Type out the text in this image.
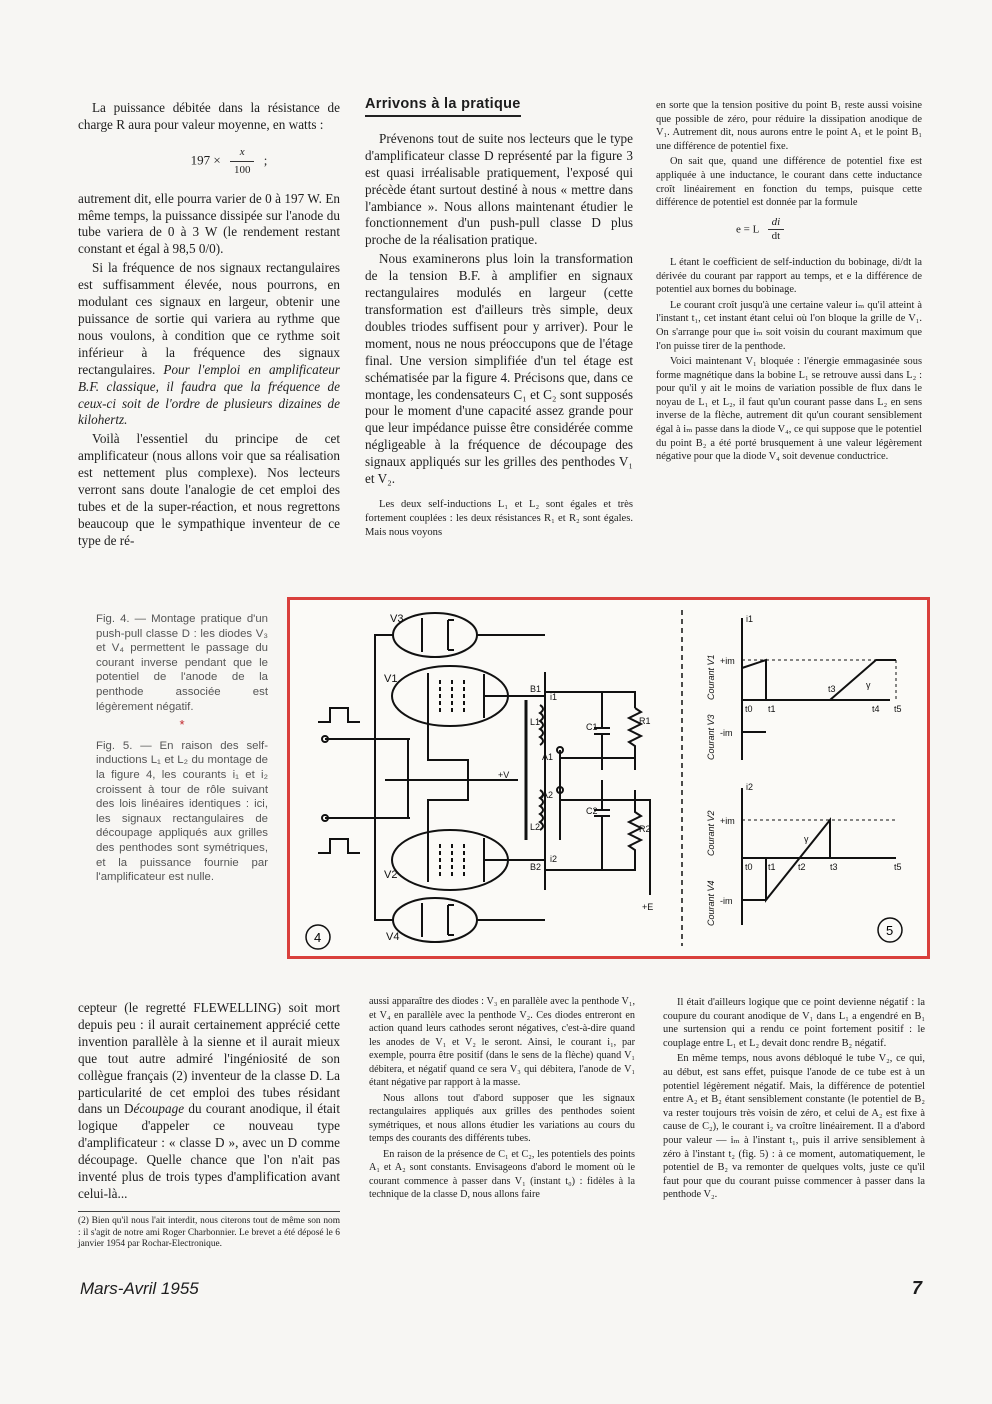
La puissance débitée dans la résistance de charge R aura pour valeur moyenne, en watts :

$197 \times \frac{x}{100}$ ;

autrement dit, elle pourra varier de 0 à 197 W. En même temps, la puissance dissipée sur l'anode du tube variera de 0 à 3 W (le rendement restant constant et égal à 98,5 0/0).

Si la fréquence de nos signaux rectangulaires est suffisamment élevée, nous pourrons, en modulant ces signaux en largeur, obtenir une puissance de sortie qui variera au rythme que nous voulons, à condition que ce rythme soit inférieur à la fréquence des signaux rectangulaires. Pour l'emploi en amplificateur B.F. classique, il faudra que la fréquence de ceux-ci soit de l'ordre de plusieurs dizaines de kilohertz.

Voilà l'essentiel du principe de cet amplificateur (nous allons voir que sa réalisation est nettement plus complexe). Nos lecteurs verront sans doute l'analogie de cet emploi des tubes et de la super-réaction, et nous regrettons beaucoup que le sympathique inventeur de ce type de ré-

Arrivons à la pratique

Prévenons tout de suite nos lecteurs que le type d'amplificateur classe D représenté par la figure 3 est quasi irréalisable pratiquement, l'exposé qui précède étant surtout destiné à nous « mettre dans l'ambiance ». Nous allons maintenant étudier le fonctionnement d'un push-pull classe D plus proche de la réalisation pratique.

Nous examinerons plus loin la transformation de la tension B.F. à amplifier en signaux rectangulaires modulés en largeur (cette transformation est d'ailleurs très simple, deux doubles triodes suffisent pour y arriver). Pour le moment, nous ne nous préoccupons que de l'étage final. Une version simplifiée d'un tel étage est schématisée par la figure 4. Précisons que, dans ce montage, les condensateurs C₁ et C₂ sont supposés pour le moment d'une capacité assez grande pour que leur impédance puisse être considérée comme négligeable à la fréquence de découpage des signaux appliqués sur les grilles des penthodes V₁ et V₂.

Les deux self-inductions L₁ et L₂ sont égales et très fortement couplées : les deux résistances R₁ et R₂ sont égales. Mais nous voyons

en sorte que la tension positive du point B₁ reste aussi voisine que possible de zéro, pour réduire la dissipation anodique de V₁. Autrement dit, nous aurons entre le point A₁ et le point B₁ une différence de potentiel fixe.

On sait que, quand une différence de potentiel fixe est appliquée à une inductance, le courant dans cette inductance croît linéairement en fonction du temps, puisque cette différence de potentiel est donnée par la formule

e = L $\frac{di}{dt}$

L étant le coefficient de self-induction du bobinage, di/dt la dérivée du courant par rapport au temps, et e la différence de potentiel aux bornes du bobinage.

Le courant croît jusqu'à une certaine valeur iₘ qu'il atteint à l'instant t₁, cet instant étant celui où l'on bloque la grille de V₁. On s'arrange pour que iₘ soit voisin du courant maximum que l'on puisse tirer de la penthode.

Voici maintenant V₁ bloquée : l'énergie emmagasinée sous forme magnétique dans la bobine L₁ se retrouve aussi dans L₂ : pour qu'il y ait le moins de variation possible de flux dans le noyau de L₁ et L₂, il faut qu'un courant passe dans L₂ en sens inverse de la flèche, autrement dit qu'un courant sensiblement égal à iₘ passe dans la diode V₄, ce qui suppose que le potentiel du point B₂ a été porté brusquement à une valeur légèrement négative pour que la diode V₄ soit devenue conductrice.

Fig. 4. — Montage pratique d'un push-pull classe D : les diodes V₃ et V₄ permettent le passage du courant inverse pendant que le potentiel de l'anode de la penthode associée est légèrement négatif.
*
Fig. 5. — En raison des self-inductions L₁ et L₂ du montage de la figure 4, les courants i₁ et i₂ croissent à tour de rôle suivant des lois linéaires identiques : ici, les signaux rectangulaires de découpage appliqués aux grilles des penthodes sont symétriques, et la puissance fournie par l'amplificateur est nulle.
V3
V1
V2
V4
B1
i1
B2
i2
L1
L2
A1
A2
C1
C2
R1
R2
+V
+E
4
i1
i2
+im
-im
+im
-im
t0 t1
t3
t4 t5
γ
t0 t1 t2	t3	t5
γ
Courant V1
Courant V3
Courant V2
Courant V4
5

cepteur (le regretté FLEWELLING) soit mort depuis peu : il aurait certainement apprécié cette invention parallèle à la sienne et il aurait mieux que tout autre admiré l'ingéniosité de son collègue français (2) inventeur de la classe D. La particularité de cet emploi des tubes résidant dans un Découpage du courant anodique, il était logique d'appeler ce nouveau type d'amplificateur : « classe D », avec un D comme découpage. Quelle chance que l'on n'ait pas inventé plus de trois types d'amplification avant celui-là...

(2) Bien qu'il nous l'ait interdit, nous citerons tout de même son nom : il s'agit de notre ami Roger Charbonnier. Le brevet a été déposé le 6 janvier 1954 par Rochar-Electronique.

aussi apparaître des diodes : V₃ en parallèle avec la penthode V₁, et V₄ en parallèle avec la penthode V₂. Ces diodes entreront en action quand leurs cathodes seront négatives, c'est-à-dire quand les anodes de V₁ et V₂ le seront. Ainsi, le courant i₁, par exemple, pourra être positif (dans le sens de la flèche) quand V₁ débitera, et négatif quand ce sera V₃ qui débitera, l'anode de V₁ étant négative par rapport à la masse.

Nous allons tout d'abord supposer que les signaux rectangulaires appliqués aux grilles des penthodes soient symétriques, et nous allons étudier les variations au cours du temps des courants des différents tubes.

En raison de la présence de C₁ et C₂, les potentiels des points A₁ et A₂ sont constants. Envisageons d'abord le moment où le courant commence à passer dans V₁ (instant t₀) : fidèles à la technique de la classe D, nous allons faire

Il était d'ailleurs logique que ce point devienne négatif : la coupure du courant anodique de V₁ dans L₁ a engendré en B₁ une surtension qui a rendu ce point fortement positif : le couplage entre L₁ et L₂ devait donc rendre B₂ négatif.

En même temps, nous avons débloqué le tube V₂, ce qui, au début, est sans effet, puisque l'anode de ce tube est à un potentiel légèrement négatif. Mais, la différence de potentiel entre A₂ et B₂ étant sensiblement constante (le potentiel de B₂ va rester toujours très voisin de zéro, et celui de A₂ est fixe à cause de C₂), le courant i₂ va croître linéairement. Il a d'abord pour valeur — iₘ à l'instant t₁, puis il arrive sensiblement à zéro à l'instant t₂ (fig. 5) : à ce moment, automatiquement, le potentiel de B₂ va remonter de quelques volts, juste ce qu'il faut pour que du courant puisse commencer à passer dans la penthode V₂.

Mars-Avril 1955	7
